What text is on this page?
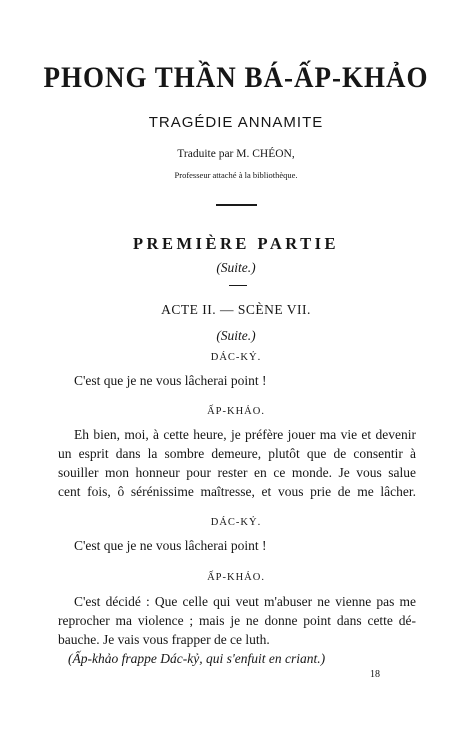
PHONG THẦN BÁ-ẤP-KHẢO
TRAGÉDIE ANNAMITE
Traduite par M. CHÉON,
Professeur attaché à la bibliothèque.
PREMIÈRE PARTIE
(Suite.)
ACTE II. — SCÈNE VII.
(Suite.)
DÁC-KỶ.
C'est que je ne vous lâcherai point !
ẤP-KHẢO.
Eh bien, moi, à cette heure, je préfère jouer ma vie et devenir
un esprit dans la sombre demeure, plutôt que de consentir à
souiller mon honneur pour rester en ce monde. Je vous salue
cent fois, ô sérénissime maîtresse, et vous prie de me lâcher.
DÁC-KỶ.
C'est que je ne vous lâcherai point !
ẤP-KHẢO.
C'est décidé : Que celle qui veut m'abuser ne vienne pas me
reprocher ma violence ; mais je ne donne point dans cette dé-
bauche. Je vais vous frapper de ce luth.
(Ấp-khảo frappe Dác-kỷ, qui s'enfuit en criant.)
18
